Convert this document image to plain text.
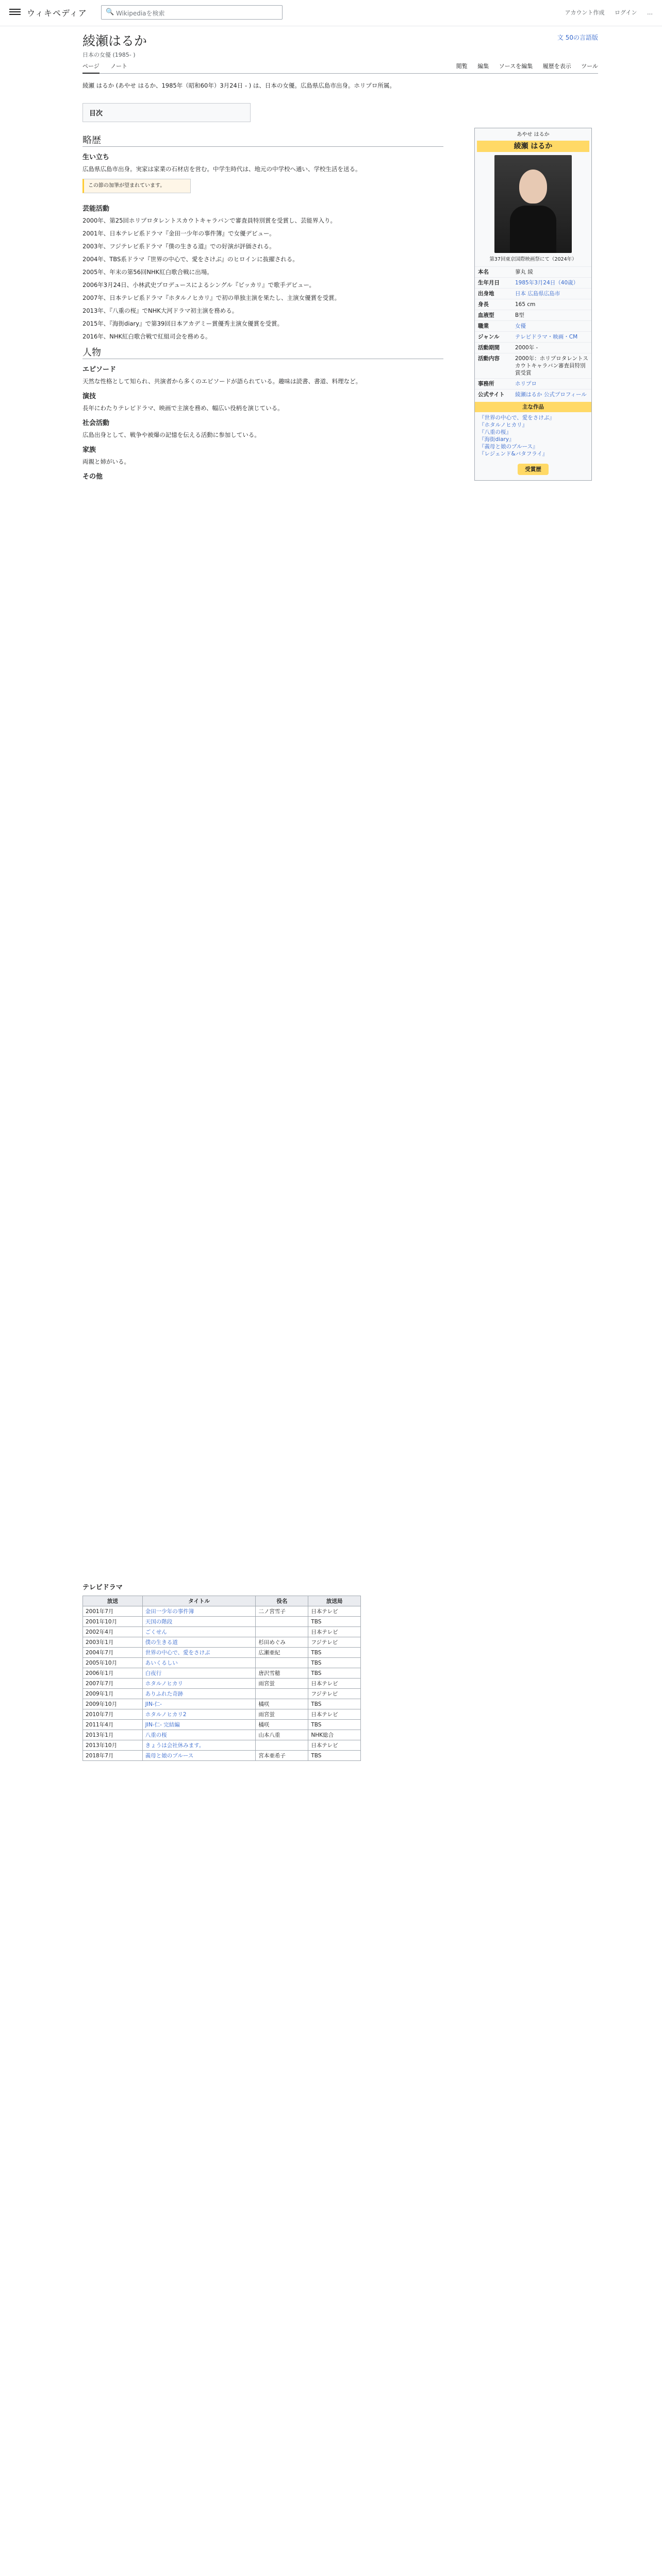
ウィキペディア	🔍 Wikipediaを検索	アカウント作成 ログイン …
綾瀬はるか
日本の女優 (1985- )
文 50の言語版
ページ ノート	閲覧 編集 ソースを編集 履歴を表示 ツール
綾瀬 はるか (あやせ はるか、1985年（昭和60年）3月24日 - ) は、日本の女優。広島県広島市出身。ホリプロ所属。
目次
略歴
生い立ち

広島県広島市出身。実家は家業の石材店を営む。中学生時代は、地元の中学校へ通い、学校生活を送る。

この節の加筆が望まれています。
芸能活動

2000年、第25回ホリプロタレントスカウトキャラバンで審査員特別賞を受賞し、芸能界入り。

2001年、日本テレビ系ドラマ『金田一少年の事件簿』で女優デビュー。

2003年、フジテレビ系ドラマ『僕の生きる道』での好演が評価される。

2004年、TBS系ドラマ『世界の中心で、愛をさけぶ』のヒロインに抜擢される。

2005年、年末の第56回NHK紅白歌合戦に出場。

2006年3月24日、小林武史プロデュースによるシングル『ピッカリ』で歌手デビュー。

2007年、日本テレビ系ドラマ『ホタルノヒカリ』で初の単独主演を果たし、主演女優賞を受賞。

2013年、『八重の桜』でNHK大河ドラマ初主演を務める。

2015年、『海街diary』で第39回日本アカデミー賞優秀主演女優賞を受賞。

2016年、NHK紅白歌合戦で紅組司会を務める。

人物
エピソード

天然な性格として知られ、共演者から多くのエピソードが語られている。趣味は読書、書道、料理など。

演技

長年にわたりテレビドラマ、映画で主演を務め、幅広い役柄を演じている。

社会活動

広島出身として、戦争や被爆の記憶を伝える活動に参加している。

家族

両親と姉がいる。

その他
あやせ はるか
綾瀬 はるか
第37回東京国際映画祭にて（2024年）
本名	蓼丸 綾
生年月日	1985年3月24日（40歳）
出身地	日本 広島県広島市
身長	165 cm
血液型	B型
職業	女優
ジャンル	テレビドラマ・映画・CM
活動期間	2000年 -
活動内容	2000年：ホリプロタレントスカウトキャラバン審査員特別賞受賞
事務所	ホリプロ
公式サイト	綾瀬はるか 公式プロフィール
主な作品
『世界の中心で、愛をさけぶ』
『ホタルノヒカリ』
『八重の桜』
『海街diary』
『義母と娘のブルース』
『レジェンド&バタフライ』
受賞歴
テレビドラマ
放送	タイトル	役名	放送局
2001年7月	金田一少年の事件簿	二ノ宮雪子	日本テレビ
2001年10月	天国の階段		TBS
2002年4月	ごくせん		日本テレビ
2003年1月	僕の生きる道	杉田めぐみ	フジテレビ
2004年7月	世界の中心で、愛をさけぶ	広瀬亜紀	TBS
2005年10月	あいくるしい		TBS
2006年1月	白夜行	唐沢雪穂	TBS
2007年7月	ホタルノヒカリ	雨宮蛍	日本テレビ
2009年1月	ありふれた奇跡		フジテレビ
2009年10月	JIN-仁-	橘咲	TBS
2010年7月	ホタルノヒカリ2	雨宮蛍	日本テレビ
2011年4月	JIN-仁- 完結編	橘咲	TBS
2013年1月	八重の桜	山本八重	NHK総合
2013年10月	きょうは会社休みます。		日本テレビ
2018年7月	義母と娘のブルース	宮本亜希子	TBS
